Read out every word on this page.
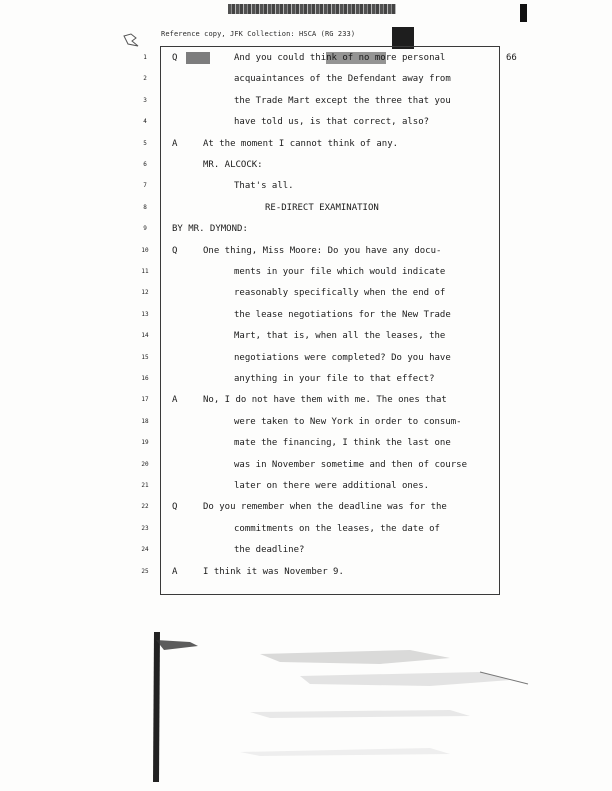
Reference copy, JFK Collection: HSCA (RG 233)
66
1	Q	And you could think of no more personal
2	acquaintances of the Defendant away from
3	the Trade Mart except the three that you
4	have told us, is that correct, also?
5	A	At the moment I cannot think of any.
6	MR. ALCOCK:
7	That's all.
8	RE-DIRECT EXAMINATION
9	BY MR. DYMOND:
10	Q	One thing, Miss Moore: Do you have any docu-
11	ments in your file which would indicate
12	reasonably specifically when the end of
13	the lease negotiations for the New Trade
14	Mart, that is, when all the leases, the
15	negotiations were completed? Do you have
16	anything in your file to that effect?
17	A	No, I do not have them with me. The ones that
18	were taken to New York in order to consum-
19	mate the financing, I think the last one
20	was in November sometime and then of course
21	later on there were additional ones.
22	Q	Do you remember when the deadline was for the
23	commitments on the leases, the date of
24	the deadline?
25	A	I think it was November 9.
